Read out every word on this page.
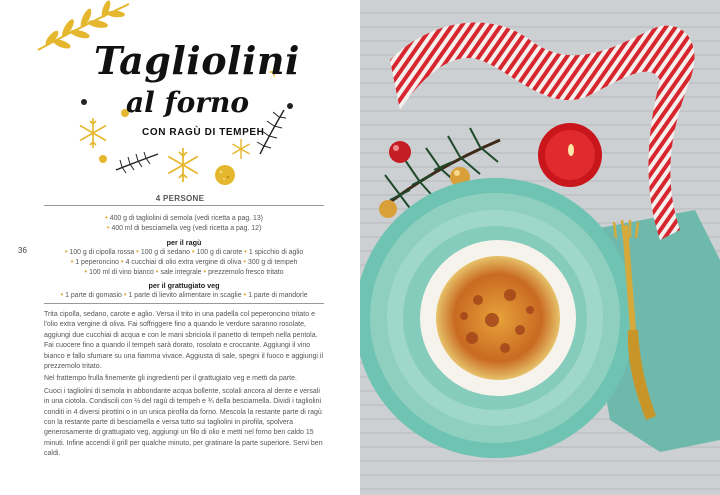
Tagliolini
al forno
CON RAGÙ DI TEMPEH
4 PERSONE
36
• 400 g di tagliolini di semola (vedi ricetta a pag. 13)
• 400 ml di besciamella veg (vedi ricetta a pag. 12)
per il ragù
• 100 g di cipolla rossa • 100 g di sedano • 100 g di carote • 1 spicchio di aglio
• 1 peperoncino • 4 cucchiai di olio extra vergine di oliva • 300 g di tempeh
• 100 ml di vino bianco • sale integrale • prezzemolo fresco tritato
per il grattugiato veg
• 1 parte di gomasio • 1 parte di lievito alimentare in scaglie • 1 parte di mandorle

Trita cipolla, sedano, carote e aglio. Versa il trito in una padella col peperoncino tritato e l'olio extra vergine di oliva. Fai soffriggere fino a quando le verdure saranno rosolate, aggiungi due cucchiai di acqua e con le mani sbriciola il panetto di tempeh nella pentola. Fai cuocere fino a quando il tempeh sarà dorato, rosolato e croccante. Aggiungi il vino bianco e fallo sfumare su una fiamma vivace. Aggiusta di sale, spegni il fuoco e aggiungi il prezzemolo tritato.

Nel frattempo frulla finemente gli ingredienti per il grattugiato veg e metti da parte.

Cuoci i tagliolini di semola in abbondante acqua bollente, scolali ancora al dente e versali in una ciotola. Condiscili con ⅔ del ragù di tempeh e ¾ della besciamella. Dividi i tagliolini conditi in 4 diversi pirottini o in un unica pirofila da forno. Mescola la restante parte di ragù con la restante parte di besciamella e versa tutto sui tagliolini in pirofila, spolvera generosamente di grattugiato veg, aggiungi un filo di olio e metti nel forno ben caldo 15 minuti. Infine accendi il grill per qualche minuto, per gratinare la parte superiore. Servi ben caldi.
